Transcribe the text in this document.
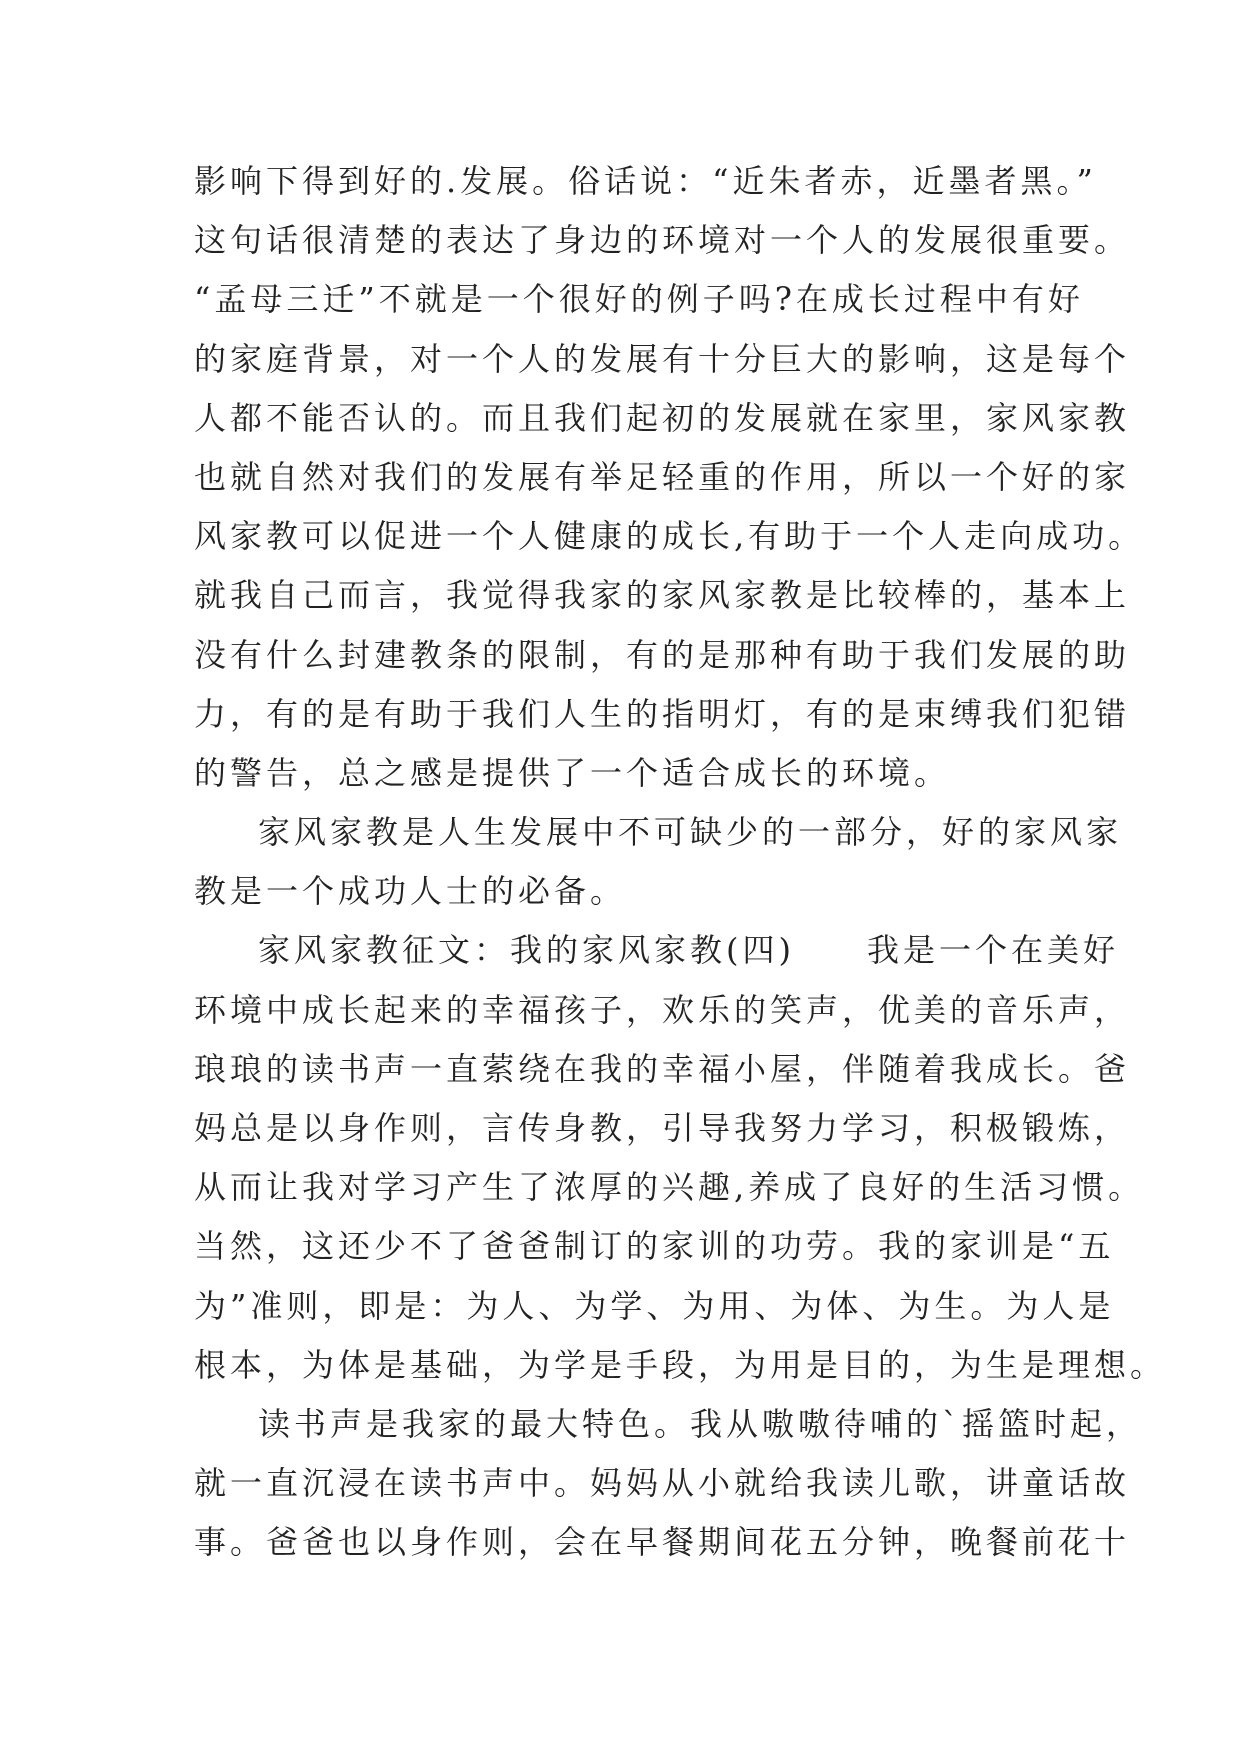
影响下得到好的.发展。俗话说：“近朱者赤，近墨者黑。”
这句话很清楚的表达了身边的环境对一个人的发展很重要。
“孟母三迁”不就是一个很好的例子吗?在成长过程中有好
的家庭背景，对一个人的发展有十分巨大的影响，这是每个
人都不能否认的。而且我们起初的发展就在家里，家风家教
也就自然对我们的发展有举足轻重的作用，所以一个好的家
风家教可以促进一个人健康的成长,有助于一个人走向成功。
就我自己而言，我觉得我家的家风家教是比较棒的，基本上
没有什么封建教条的限制，有的是那种有助于我们发展的助
力，有的是有助于我们人生的指明灯，有的是束缚我们犯错
的警告，总之感是提供了一个适合成长的环境。
家风家教是人生发展中不可缺少的一部分，好的家风家
教是一个成功人士的必备。
家风家教征文：我的家风家教(四)　　我是一个在美好
环境中成长起来的幸福孩子，欢乐的笑声，优美的音乐声，
琅琅的读书声一直萦绕在我的幸福小屋，伴随着我成长。爸
妈总是以身作则，言传身教，引导我努力学习，积极锻炼，
从而让我对学习产生了浓厚的兴趣,养成了良好的生活习惯。
当然，这还少不了爸爸制订的家训的功劳。我的家训是“五
为”准则，即是：为人、为学、为用、为体、为生。为人是
根本，为体是基础，为学是手段，为用是目的，为生是理想。
读书声是我家的最大特色。我从嗷嗷待哺的`摇篮时起，
就一直沉浸在读书声中。妈妈从小就给我读儿歌，讲童话故
事。爸爸也以身作则，会在早餐期间花五分钟，晚餐前花十
